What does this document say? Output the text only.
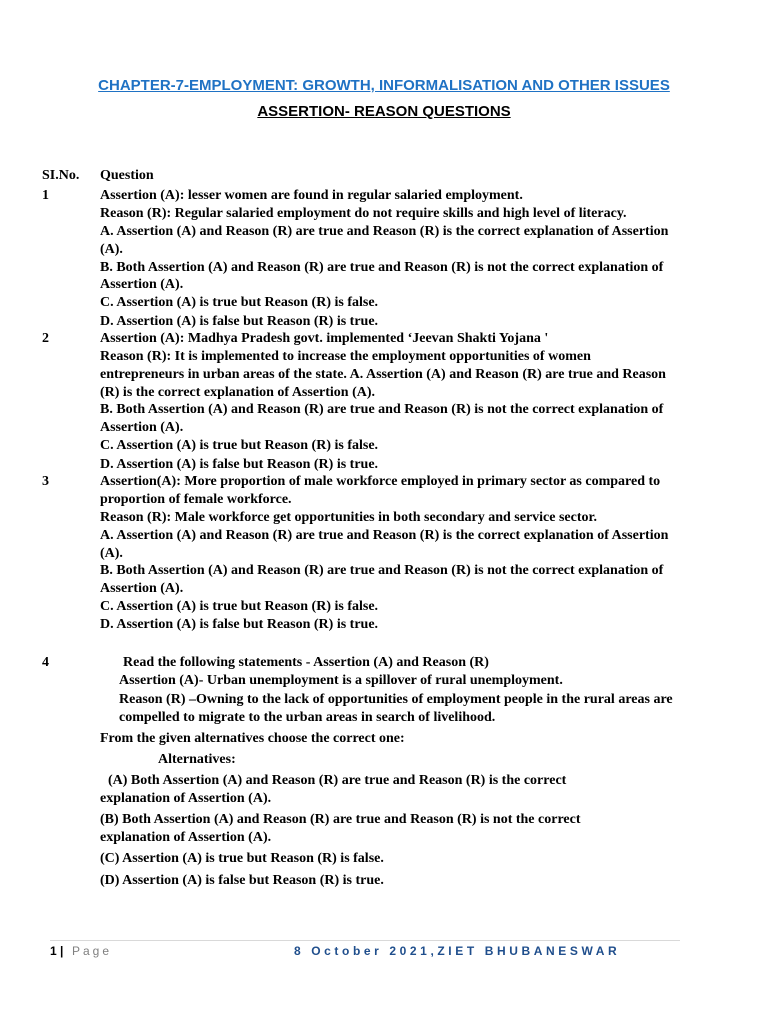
CHAPTER-7-EMPLOYMENT: GROWTH, INFORMALISATION AND OTHER ISSUES
ASSERTION- REASON QUESTIONS
SI.No. Question
1	Assertion (A): lesser women are found in regular salaried employment.
Reason (R): Regular salaried employment do not require skills and high level of literacy.
A. Assertion (A) and Reason (R) are true and Reason (R) is the correct explanation of Assertion
(A).
B. Both Assertion (A) and Reason (R) are true and Reason (R) is not the correct explanation of
Assertion (A).
C. Assertion (A) is true but Reason (R) is false.
D. Assertion (A) is false but Reason (R) is true.
2	Assertion (A): Madhya Pradesh govt. implemented ‘Jeevan Shakti Yojana '
Reason (R): It is implemented to increase the employment opportunities of women
entrepreneurs in urban areas of the state. A. Assertion (A) and Reason (R) are true and Reason
(R) is the correct explanation of Assertion (A).
B. Both Assertion (A) and Reason (R) are true and Reason (R) is not the correct explanation of
Assertion (A).
C. Assertion (A) is true but Reason (R) is false.
D. Assertion (A) is false but Reason (R) is true.
3	Assertion(A): More proportion of male workforce employed in primary sector as compared to
proportion of female workforce.
Reason (R): Male workforce get opportunities in both secondary and service sector.
A. Assertion (A) and Reason (R) are true and Reason (R) is the correct explanation of Assertion
(A).
B. Both Assertion (A) and Reason (R) are true and Reason (R) is not the correct explanation of
Assertion (A).
C. Assertion (A) is true but Reason (R) is false.
D. Assertion (A) is false but Reason (R) is true.
4	Read the following statements - Assertion (A) and Reason (R)
Assertion (A)- Urban unemployment is a spillover of rural unemployment.
Reason (R) –Owning to the lack of opportunities of employment people in the rural areas are
compelled to migrate to the urban areas in search of livelihood.
From the given alternatives choose the correct one:
Alternatives:
(A) Both Assertion (A) and Reason (R) are true and Reason (R) is the correct
explanation of Assertion (A).
(B) Both Assertion (A) and Reason (R) are true and Reason (R) is not the correct
explanation of Assertion (A).
(C) Assertion (A) is true but Reason (R) is false.
(D) Assertion (A) is false but Reason (R) is true.
1 | Page	8 October 2021,ZIET BHUBANESWAR
